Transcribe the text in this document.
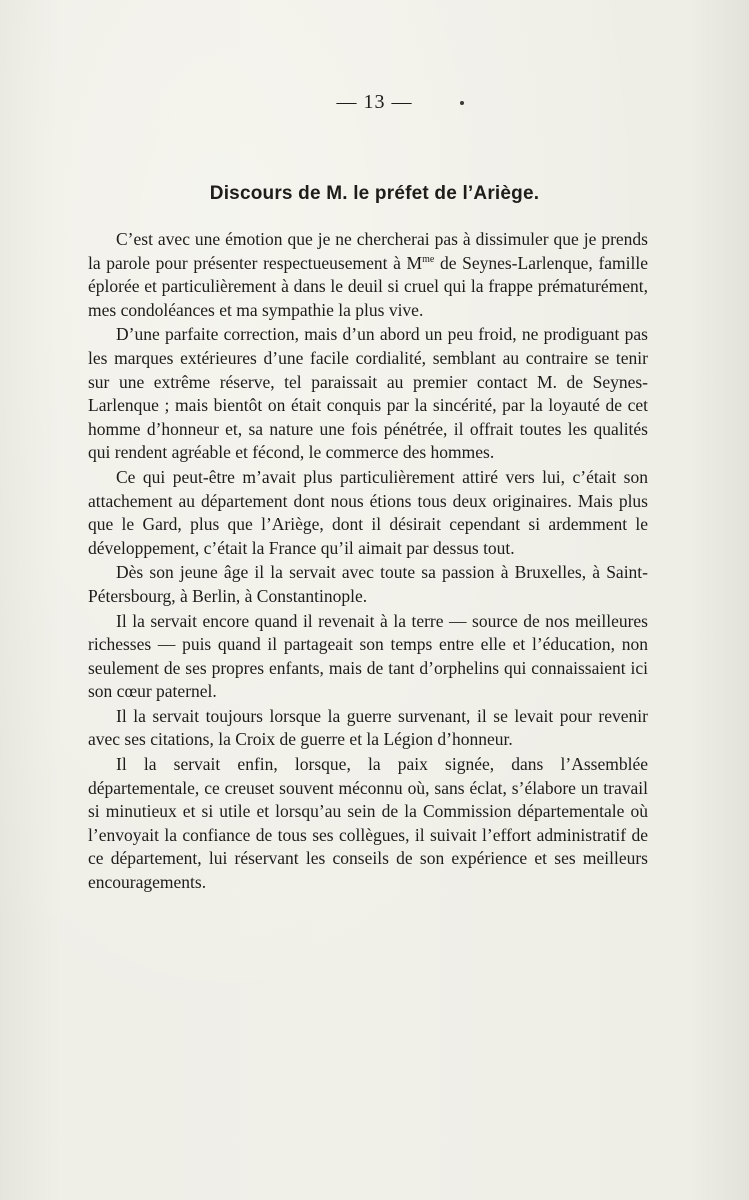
— 13 —
Discours de M. le préfet de l’Ariège.

C’est avec une émotion que je ne chercherai pas à dissimuler que je prends la parole pour présenter respectueusement à $M^{me}$ de Seynes-Larlenque, famille éplorée et particulièrement à dans le deuil si cruel qui la frappe prématurément, mes condoléances et ma sympathie la plus vive.

D’une parfaite correction, mais d’un abord un peu froid, ne prodiguant pas les marques extérieures d’une facile cordialité, semblant au contraire se tenir sur une extrême réserve, tel paraissait au premier contact M. de Seynes-Larlenque ; mais bientôt on était conquis par la sincérité, par la loyauté de cet homme d’honneur et, sa nature une fois pénétrée, il offrait toutes les qualités qui rendent agréable et fécond, le commerce des hommes.

Ce qui peut-être m’avait plus particulièrement attiré vers lui, c’était son attachement au département dont nous étions tous deux originaires. Mais plus que le Gard, plus que l’Ariège, dont il désirait cependant si ardemment le développement, c’était la France qu’il aimait par dessus tout.

Dès son jeune âge il la servait avec toute sa passion à Bruxelles, à Saint-Pétersbourg, à Berlin, à Constantinople.

Il la servait encore quand il revenait à la terre — source de nos meilleures richesses — puis quand il partageait son temps entre elle et l’éducation, non seulement de ses propres enfants, mais de tant d’orphelins qui connaissaient ici son cœur paternel.

Il la servait toujours lorsque la guerre survenant, il se levait pour revenir avec ses citations, la Croix de guerre et la Légion d’honneur.

Il la servait enfin, lorsque, la paix signée, dans l’Assemblée départementale, ce creuset souvent méconnu où, sans éclat, s’élabore un travail si minutieux et si utile et lorsqu’au sein de la Commission départementale où l’envoyait la confiance de tous ses collègues, il suivait l’effort administratif de ce département, lui réservant les conseils de son expérience et ses meilleurs encouragements.
